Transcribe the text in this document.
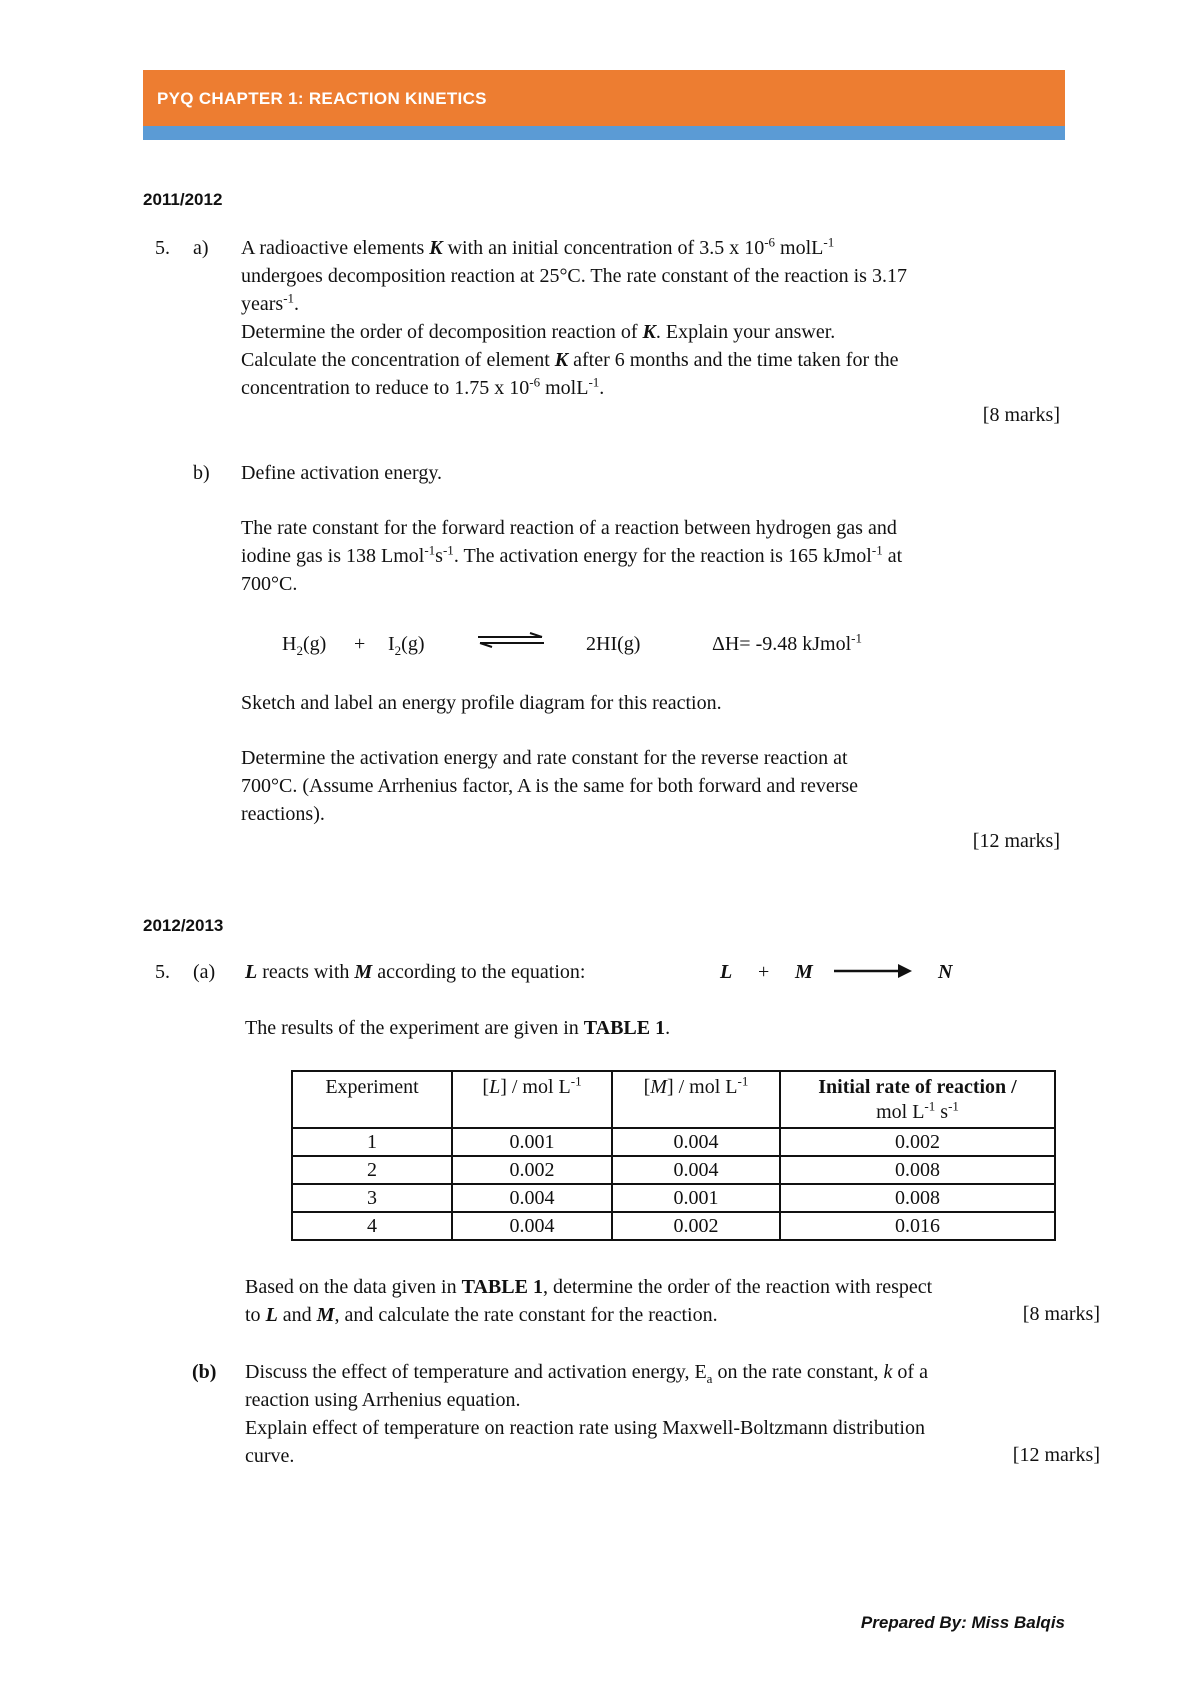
PYQ CHAPTER 1: REACTION KINETICS
2011/2012
5. a) A radioactive elements K with an initial concentration of 3.5 x $10^{-6}$ molL$^{-1}$
undergoes decomposition reaction at 25°C. The rate constant of the reaction is 3.17
years$^{-1}$.
Determine the order of decomposition reaction of K. Explain your answer.
Calculate the concentration of element K after 6 months and the time taken for the
concentration to reduce to 1.75 x $10^{-6}$ molL$^{-1}$.
[8 marks]
b) Define activation energy.
The rate constant for the forward reaction of a reaction between hydrogen gas and
iodine gas is 138 $Lmol^{-1}s^{-1}$. The activation energy for the reaction is 165 kJmol$^{-1}$ at
700°C.
$H_2(g) + I_2(g)$	2HI(g)	ΔH= -9.48 kJmol$^{-1}$
Sketch and label an energy profile diagram for this reaction.
Determine the activation energy and rate constant for the reverse reaction at
700°C. (Assume Arrhenius factor, A is the same for both forward and reverse
reactions).
[12 marks]
2012/2013
5. (a) L reacts with M according to the equation:	L + M	N
The results of the experiment are given in TABLE 1.
Experiment	[L] / mol $L^{-1}$	[M] / mol $L^{-1}$	Initial rate of reaction /
mol $L^{-1}$ $s^{-1}$
1	0.001	0.004	0.002
2	0.002	0.004	0.008
3	0.004	0.001	0.008
4	0.004	0.002	0.016
Based on the data given in TABLE 1, determine the order of the reaction with respect
to L and M, and calculate the rate constant for the reaction.	[8 marks]
(b) Discuss the effect of temperature and activation energy, $E_a$ on the rate constant, k of a
reaction using Arrhenius equation.
Explain effect of temperature on reaction rate using Maxwell-Boltzmann distribution
curve.	[12 marks]
Prepared By: Miss Balqis
